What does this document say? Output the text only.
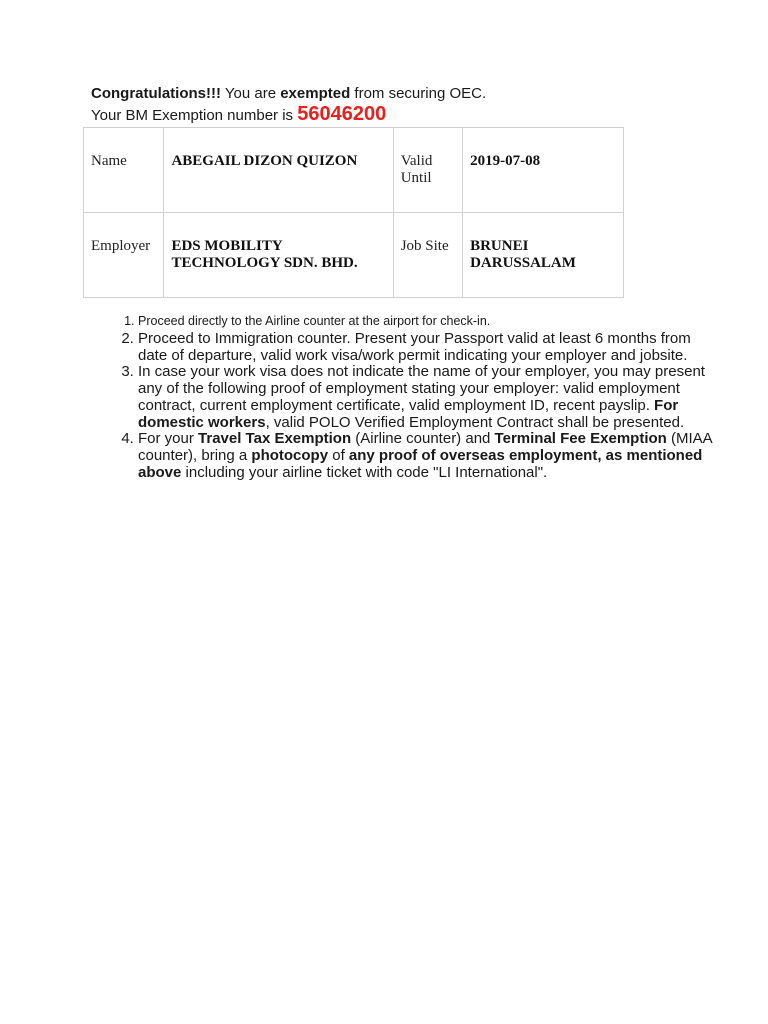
Congratulations!!! You are exempted from securing OEC.
Your BM Exemption number is 56046200
Name	ABEGAIL DIZON QUIZON	Valid Until	2019-07-08
Employer	EDS MOBILITY TECHNOLOGY SDN. BHD.	Job Site	BRUNEI DARUSSALAM
1. Proceed directly to the Airline counter at the airport for check-in.
2. Proceed to Immigration counter. Present your Passport valid at least 6 months from date of departure, valid work visa/work permit indicating your employer and jobsite.
3. In case your work visa does not indicate the name of your employer, you may present any of the following proof of employment stating your employer: valid employment contract, current employment certificate, valid employment ID, recent payslip. For domestic workers, valid POLO Verified Employment Contract shall be presented.
4. For your Travel Tax Exemption (Airline counter) and Terminal Fee Exemption (MIAA counter), bring a photocopy of any proof of overseas employment, as mentioned above including your airline ticket with code "LI International".
